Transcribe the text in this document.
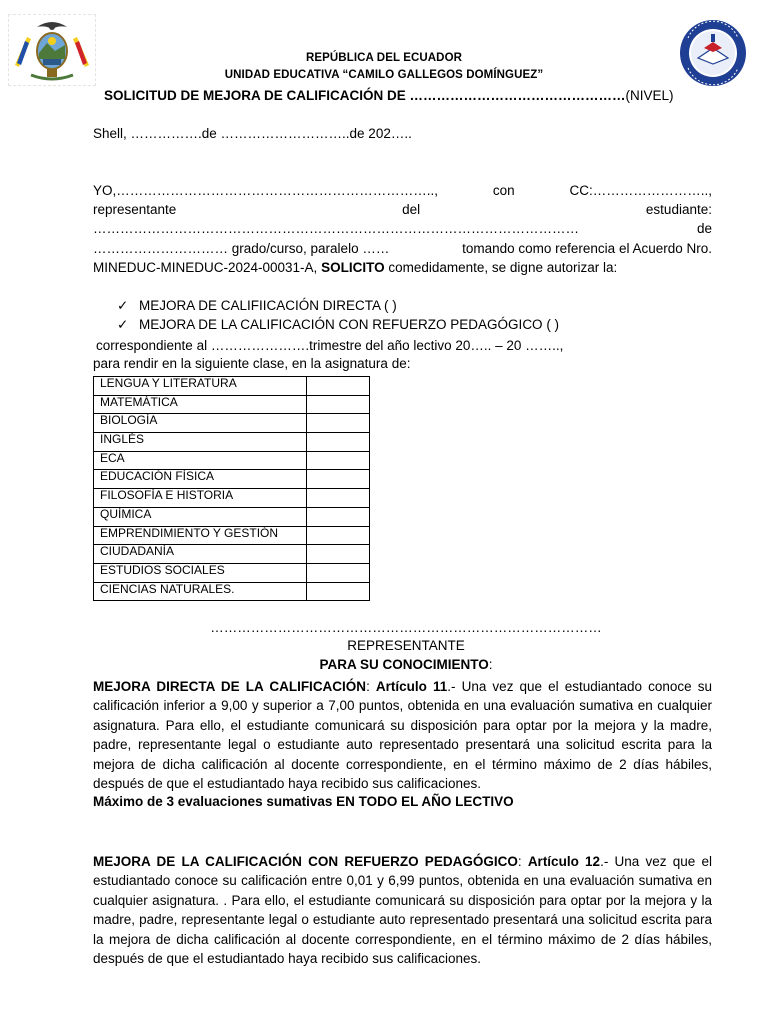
REPÚBLICA DEL ECUADOR
UNIDAD EDUCATIVA “CAMILO GALLEGOS DOMÍNGUEZ”
SOLICITUD DE MEJORA DE CALIFICACIÓN DE …………………………………………(NIVEL)
Shell, …………….de ………………………..de 202…..
YO,……………………………………………………………..,	con	CC:……………………..,
representante	del	estudiante:
………………………………………………………………………………………………	de
………………………… grado/curso, paralelo ……	tomando como referencia el Acuerdo Nro.
MINEDUC-MINEDUC-2024-00031-A, SOLICITO comedidamente, se digne autorizar la:
✓ MEJORA DE CALIFIICACIÓN DIRECTA ( )
✓ MEJORA DE LA CALIFICACIÓN CON REFUERZO PEDAGÓGICO ( )
correspondiente al ………………….trimestre del año lectivo 20….. – 20 ……..,
para rendir en la siguiente clase, en la asignatura de:
LENGUA Y LITERATURA	
MATEMÁTICA	
BIOLOGÍA	
INGLÉS	
ECA	
EDUCACIÓN FÍSICA	
FILOSOFÍA E HISTORIA	
QUÍMICA	
EMPRENDIMIENTO Y GESTIÓN	
CIUDADANÍA	
ESTUDIOS SOCIALES	
CIENCIAS NATURALES.	
……………………………………………………………………………
REPRESENTANTE
PARA SU CONOCIMIENTO:
MEJORA DIRECTA DE LA CALIFICACIÓN: Artículo 11.- Una vez que el estudiantado conoce su calificación inferior a 9,00 y superior a 7,00 puntos, obtenida en una evaluación sumativa en cualquier asignatura. Para ello, el estudiante comunicará su disposición para optar por la mejora y la madre, padre, representante legal o estudiante auto representado presentará una solicitud escrita para la mejora de dicha calificación al docente correspondiente, en el término máximo de 2 días hábiles, después de que el estudiantado haya recibido sus calificaciones.
Máximo de 3 evaluaciones sumativas EN TODO EL AÑO LECTIVO
MEJORA DE LA CALIFICACIÓN CON REFUERZO PEDAGÓGICO: Artículo 12.- Una vez que el estudiantado conoce su calificación entre 0,01 y 6,99 puntos, obtenida en una evaluación sumativa en cualquier asignatura. . Para ello, el estudiante comunicará su disposición para optar por la mejora y la madre, padre, representante legal o estudiante auto representado presentará una solicitud escrita para la mejora de dicha calificación al docente correspondiente, en el término máximo de 2 días hábiles, después de que el estudiantado haya recibido sus calificaciones.
